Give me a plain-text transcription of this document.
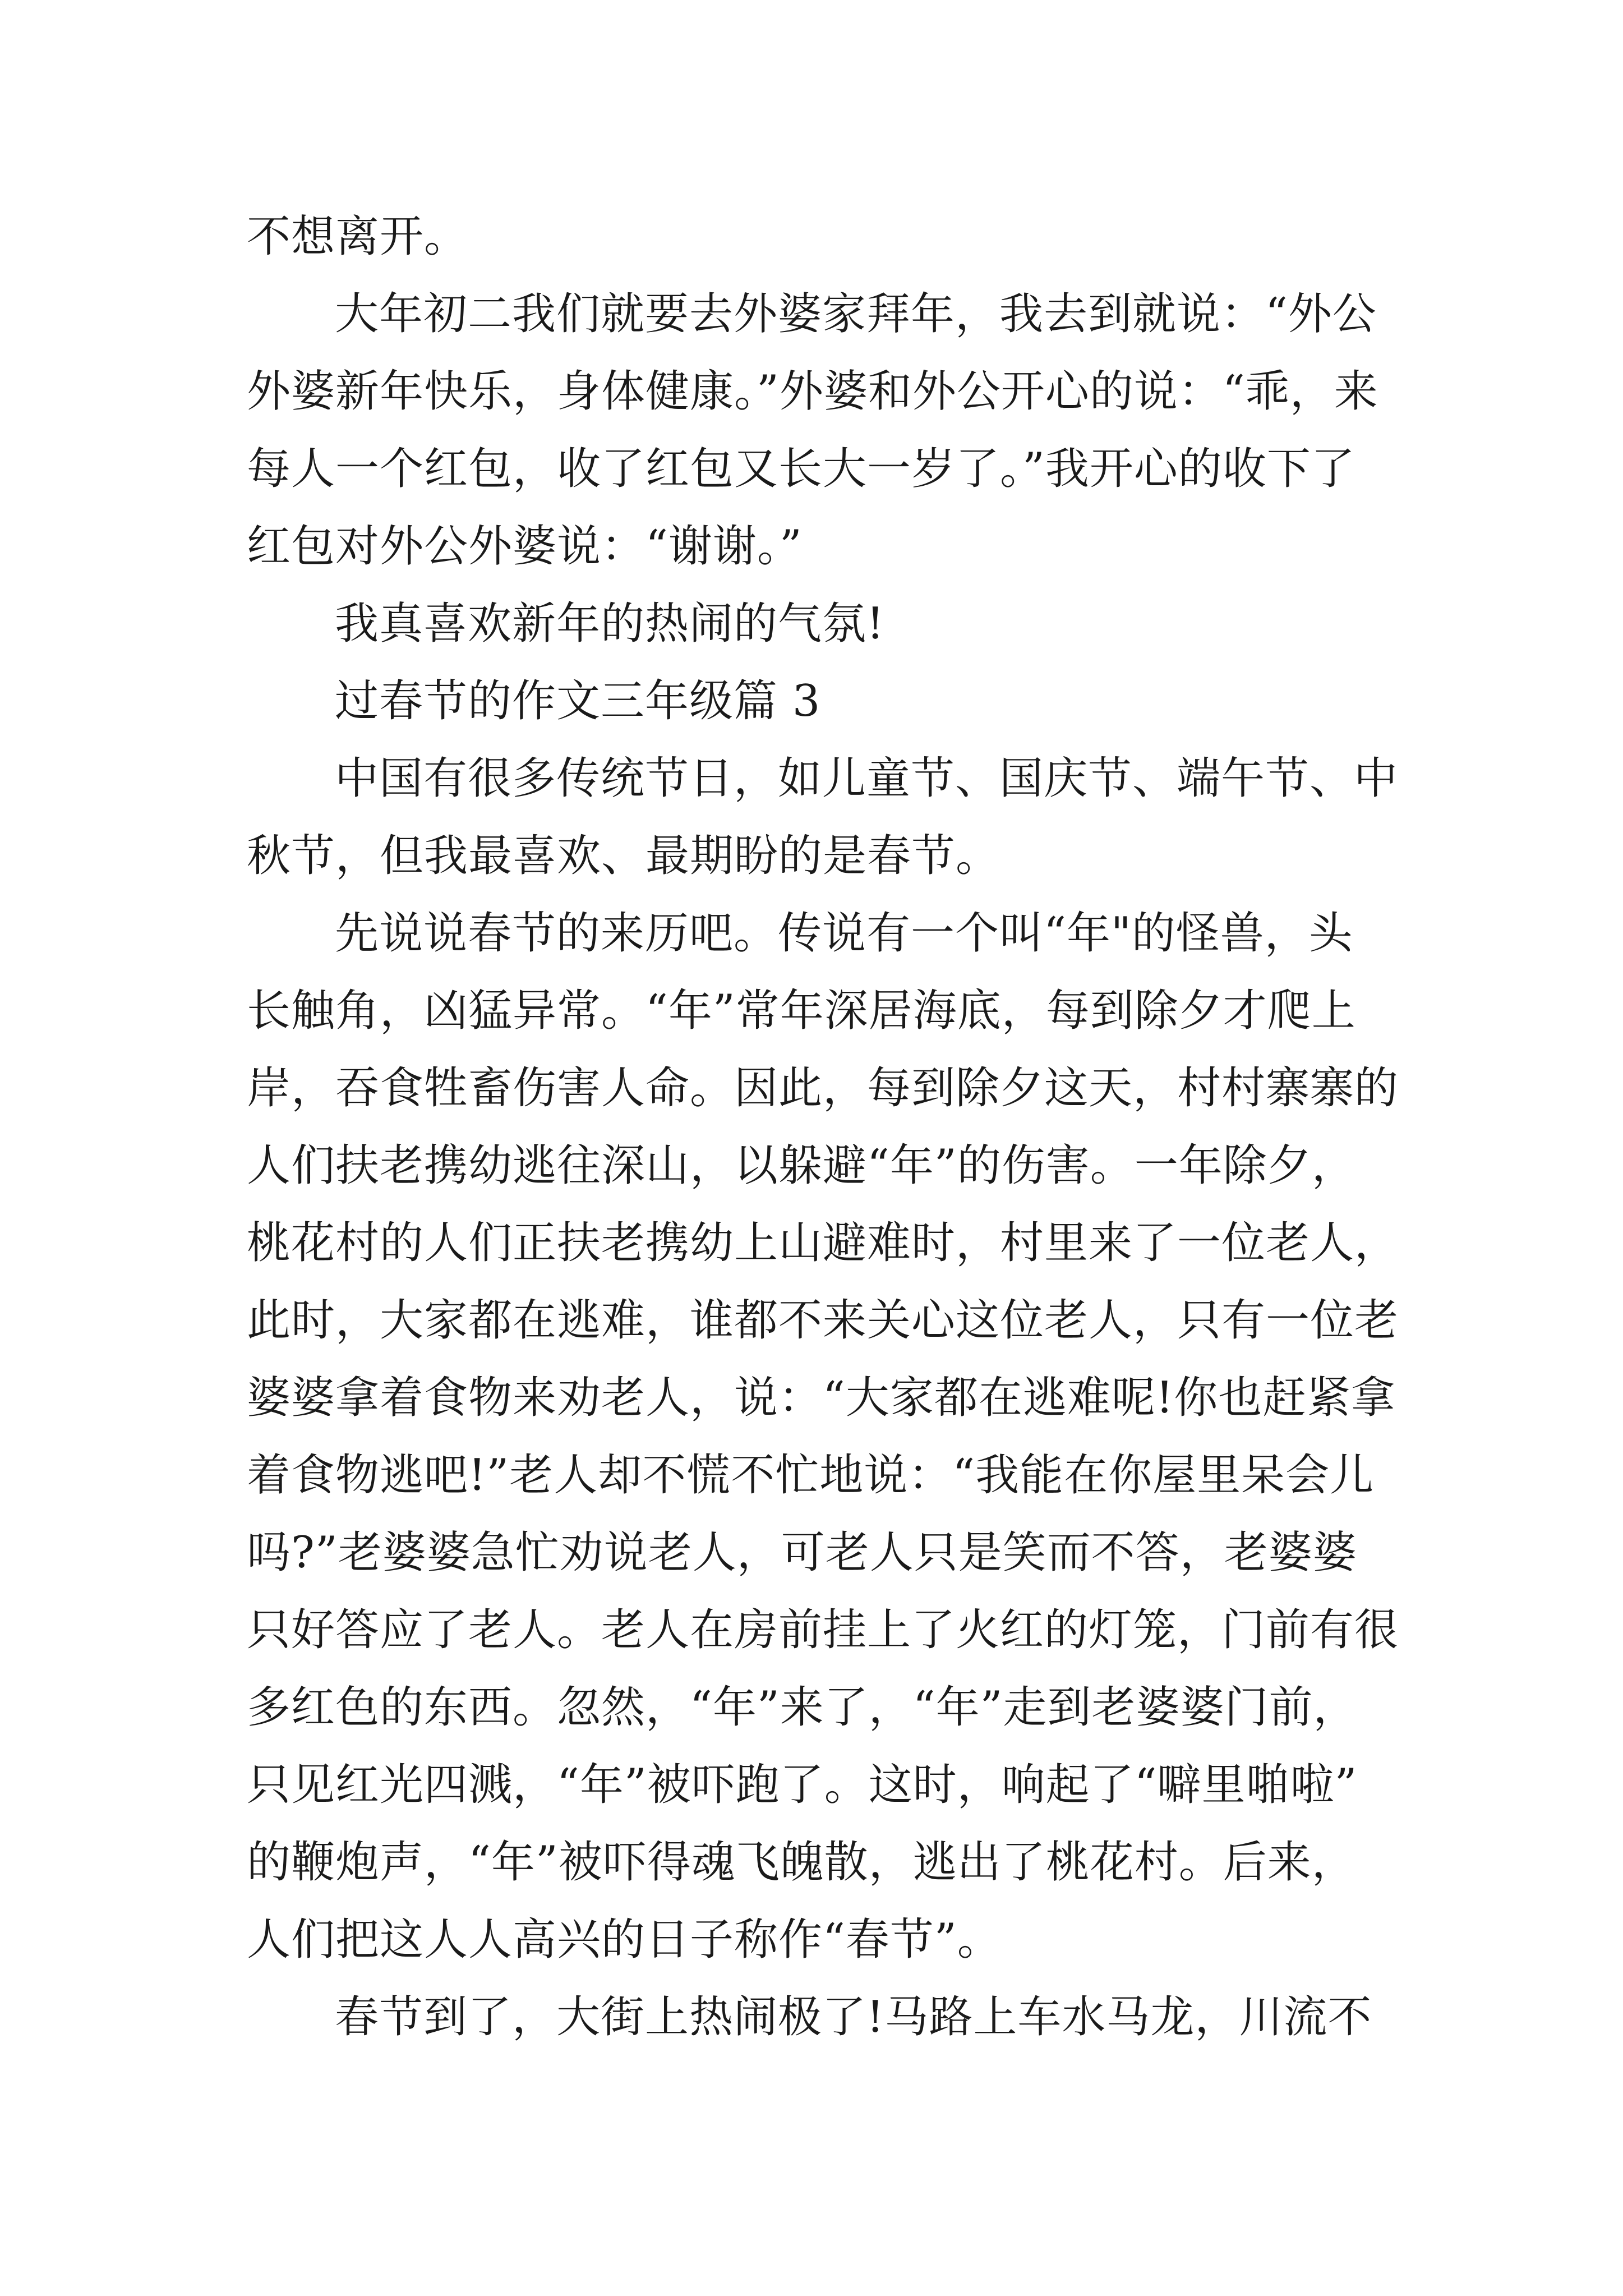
不想离开。
大年初二我们就要去外婆家拜年，我去到就说：“外公
外婆新年快乐，身体健康。”外婆和外公开心的说：“乖，来
每人一个红包，收了红包又长大一岁了。”我开心的收下了
红包对外公外婆说：“谢谢。”
我真喜欢新年的热闹的气氛!
过春节的作文三年级篇 3
中国有很多传统节日，如儿童节、国庆节、端午节、中
秋节，但我最喜欢、最期盼的是春节。
先说说春节的来历吧。传说有一个叫“年"的怪兽，头
长触角，凶猛异常。“年”常年深居海底，每到除夕才爬上
岸，吞食牲畜伤害人命。因此，每到除夕这天，村村寨寨的
人们扶老携幼逃往深山，以躲避“年”的伤害。一年除夕，
桃花村的人们正扶老携幼上山避难时，村里来了一位老人，
此时，大家都在逃难，谁都不来关心这位老人，只有一位老
婆婆拿着食物来劝老人，说：“大家都在逃难呢!你也赶紧拿
着食物逃吧!”老人却不慌不忙地说：“我能在你屋里呆会儿
吗?”老婆婆急忙劝说老人，可老人只是笑而不答，老婆婆
只好答应了老人。老人在房前挂上了火红的灯笼，门前有很
多红色的东西。忽然，“年”来了，“年”走到老婆婆门前，
只见红光四溅，“年”被吓跑了。这时，响起了“噼里啪啦”
的鞭炮声，“年”被吓得魂飞魄散，逃出了桃花村。后来，
人们把这人人高兴的日子称作“春节”。
春节到了，大街上热闹极了!马路上车水马龙，川流不
